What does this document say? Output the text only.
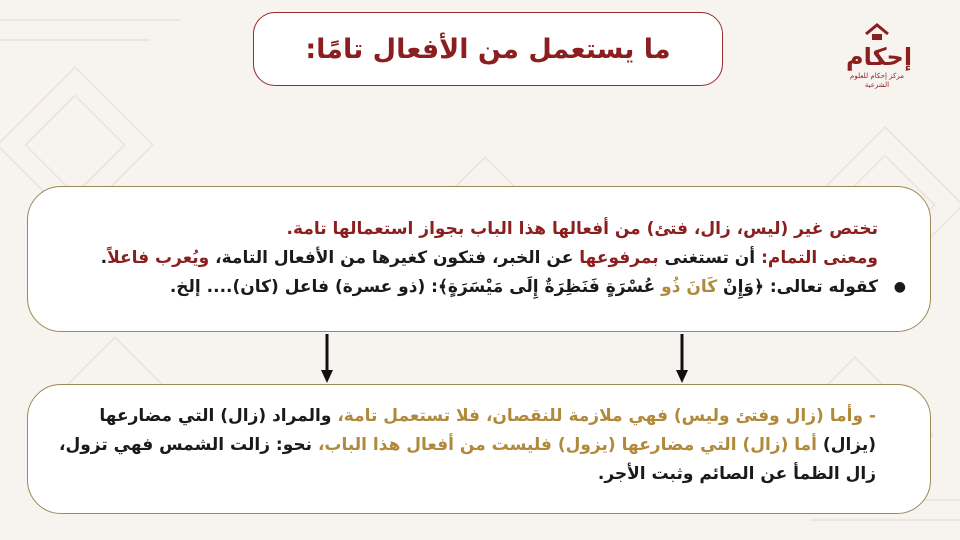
ما يستعمل من الأفعال تامًا:	إحكام
مركز إحكام للعلوم الشرعية
تختص غير (ليس، زال، فتئ) من أفعالها هذا الباب بجواز استعمالها تامة.
ومعنى التمام: أن تستغنى بمرفوعها عن الخبر، فتكون كغيرها من الأفعال التامة، ويُعرب فاعلاً.
●
كقوله تعالى: ﴿وَإِنْ كَانَ ذُو عُسْرَةٍ فَنَظِرَةٌ إِلَى مَيْسَرَةٍ﴾: (ذو عسرة) فاعل (كان).... إلخ.
- وأما (زال وفتئ وليس) فهي ملازمة للنقصان، فلا تستعمل تامة، والمراد (زال) التي مضارعها (يزال) أما (زال) التي مضارعها (يزول) فليست من أفعال هذا الباب، نحو: زالت الشمس فهي تزول، زال الظمأ عن الصائم وثبت الأجر.
